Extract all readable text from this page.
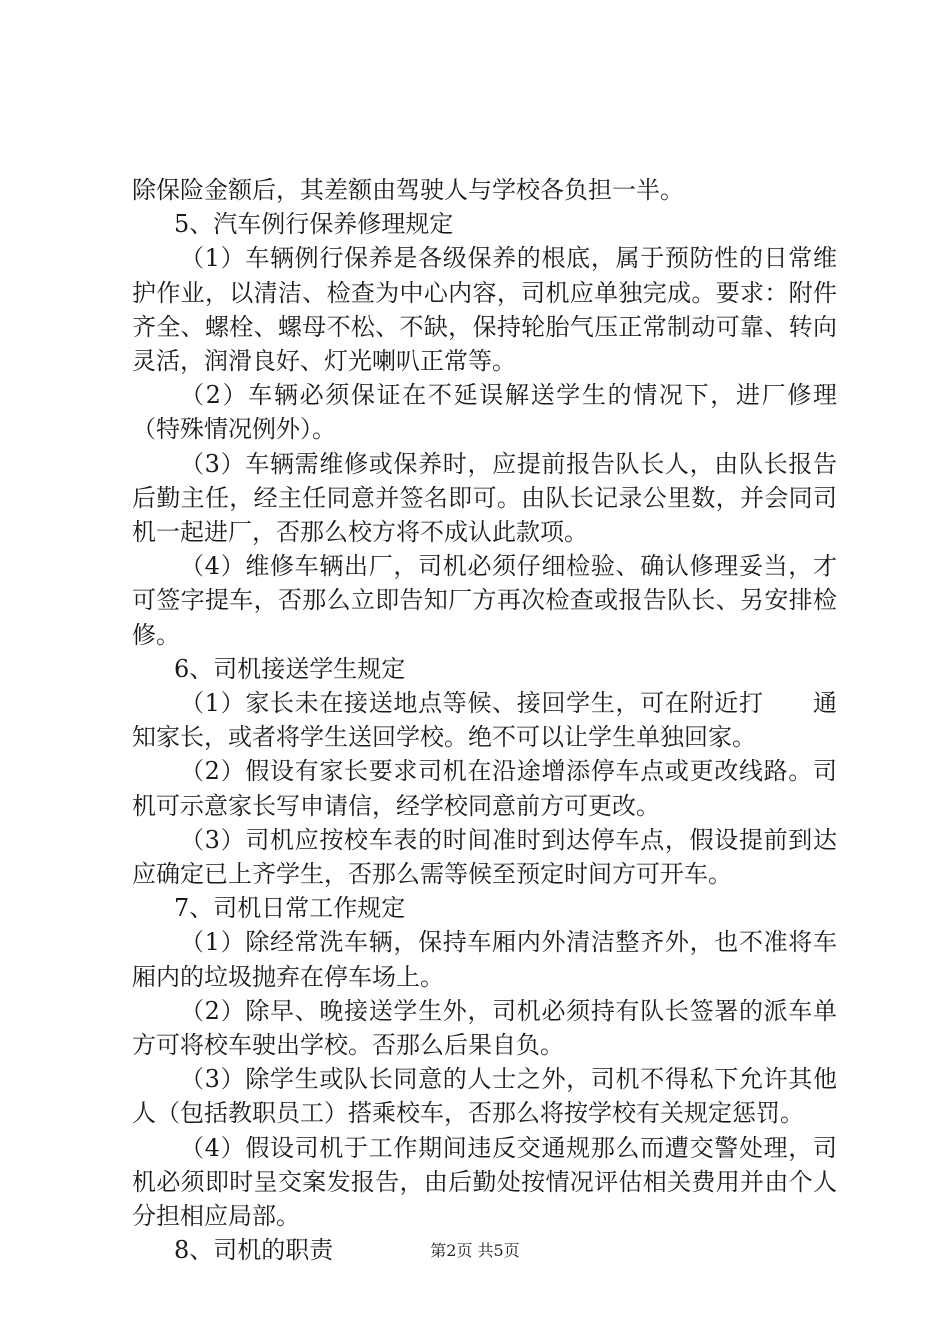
除保险金额后，其差额由驾驶人与学校各负担一半。

5、汽车例行保养修理规定

（1）车辆例行保养是各级保养的根底，属于预防性的日常维护作业，以清洁、检查为中心内容，司机应单独完成。要求：附件齐全、螺栓、螺母不松、不缺，保持轮胎气压正常制动可靠、转向灵活，润滑良好、灯光喇叭正常等。

（2）车辆必须保证在不延误解送学生的情况下，进厂修理（特殊情况例外）。

（3）车辆需维修或保养时，应提前报告队长人，由队长报告后勤主任，经主任同意并签名即可。由队长记录公里数，并会同司机一起进厂，否那么校方将不成认此款项。

（4）维修车辆出厂，司机必须仔细检验、确认修理妥当，才可签字提车，否那么立即告知厂方再次检查或报告队长、另安排检修。

6、司机接送学生规定

（1）家长未在接送地点等候、接回学生，可在附近打　　通知家长，或者将学生送回学校。绝不可以让学生单独回家。

（2）假设有家长要求司机在沿途增添停车点或更改线路。司机可示意家长写申请信，经学校同意前方可更改。

（3）司机应按校车表的时间准时到达停车点，假设提前到达应确定已上齐学生，否那么需等候至预定时间方可开车。

7、司机日常工作规定

（1）除经常洗车辆，保持车厢内外清洁整齐外，也不准将车厢内的垃圾抛弃在停车场上。

（2）除早、晚接送学生外，司机必须持有队长签署的派车单方可将校车驶出学校。否那么后果自负。

（3）除学生或队长同意的人士之外，司机不得私下允许其他人（包括教职员工）搭乘校车，否那么将按学校有关规定惩罚。

（4）假设司机于工作期间违反交通规那么而遭交警处理，司机必须即时呈交案发报告，由后勤处按情况评估相关费用并由个人分担相应局部。

8、司机的职责	第2页 共5页
